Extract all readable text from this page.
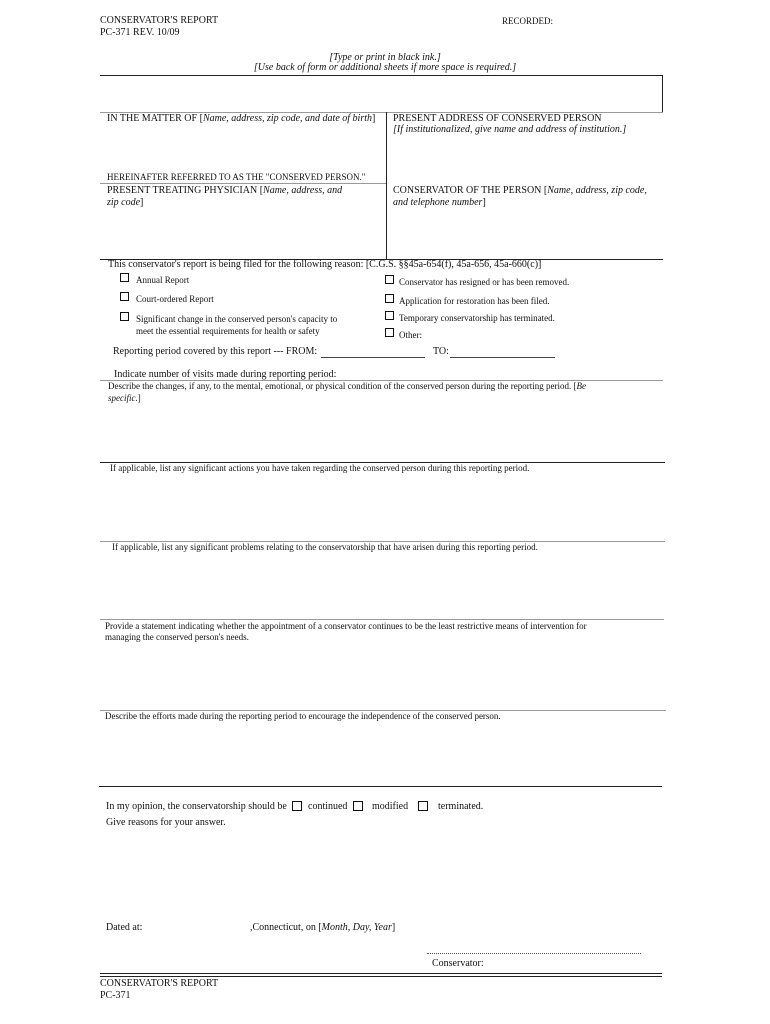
CONSERVATOR'S REPORT
PC-371 REV. 10/09
RECORDED:
[Type or print in black ink.]
[Use back of form or additional sheets if more space is required.]
IN THE MATTER OF [Name, address, zip code, and date of birth] PRESENT ADDRESS OF CONSERVED PERSON
[If institutionalized, give name and address of institution.]
HEREINAFTER REFERRED TO AS THE "CONSERVED PERSON."
PRESENT TREATING PHYSICIAN [Name, address, and
zip code]
CONSERVATOR OF THE PERSON [Name, address, zip code,
and telephone number]
This conservator's report is being filed for the following reason: [C.G.S. §§45a-654(f), 45a-656, 45a-660(c)]
Annual Report
Court-ordered Report
Significant change in the conserved person's capacity to
meet the essential requirements for health or safety
Conservator has resigned or has been removed.
Application for restoration has been filed.
Temporary conservatorship has terminated.
Other:
Reporting period covered by this report --- FROM:	TO:
Indicate number of visits made during reporting period:
Describe the changes, if any, to the mental, emotional, or physical condition of the conserved person during the reporting period. [Be
specific.]
If applicable, list any significant actions you have taken regarding the conserved person during this reporting period.
If applicable, list any significant problems relating to the conservatorship that have arisen during this reporting period.
Provide a statement indicating whether the appointment of a conservator continues to be the least restrictive means of intervention for
managing the conserved person's needs.
Describe the efforts made during the reporting period to encourage the independence of the conserved person.
In my opinion, the conservatorship should be continued modified	terminated.
Give reasons for your answer.
Dated at:	,Connecticut, on [Month, Day, Year]
Conservator:
CONSERVATOR'S REPORT
PC-371
